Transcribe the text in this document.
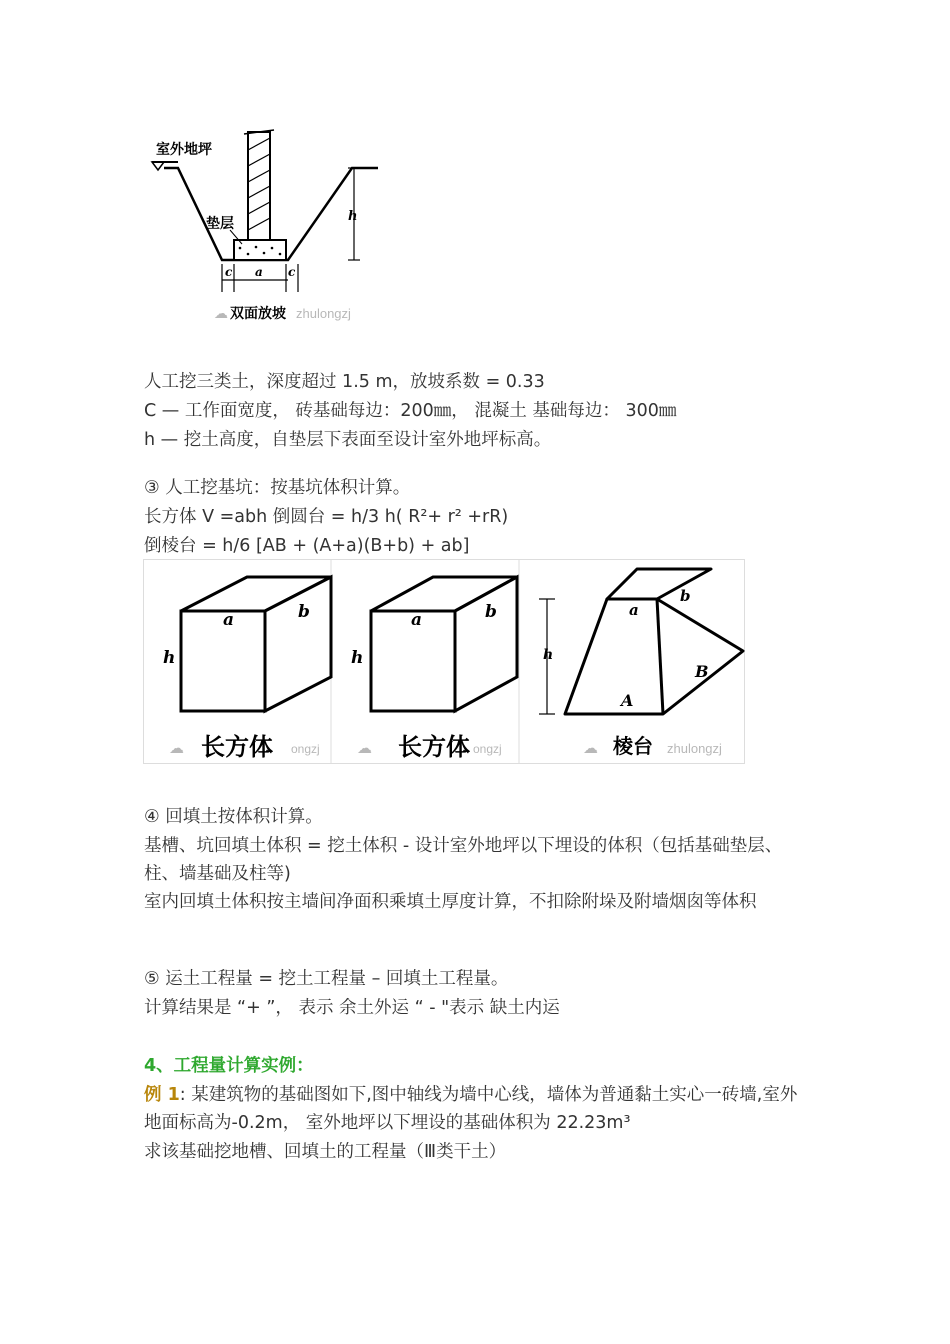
室外地坪
垫层	h
c a c
双面放坡 zhulongzj
☁
人工挖三类土，深度超过 1.5 m，放坡系数 = 0.33
C — 工作面宽度， 砖基础每边：200㎜， 混凝土 基础每边： 300㎜
h — 挖土高度，自垫层下表面至设计室外地坪标高。
③ 人工挖基坑：按基坑体积计算。
长方体 V =abh 倒圆台 = h/3 h( R²+ r² +rR)
倒棱台 = h/6 [AB + (A+a)(B+b) + ab]
a	b
h
长方体
a	b
h
长方体
h
a
b
A
B
棱台
☁	ongzj ☁	ongzj	☁	zhulongzj
④ 回填土按体积计算。
基槽、坑回填土体积 = 挖土体积 - 设计室外地坪以下埋设的体积（包括基础垫层、柱、墙基础及柱等)
室内回填土体积按主墙间净面积乘填土厚度计算，不扣除附垛及附墙烟囱等体积
⑤ 运土工程量 = 挖土工程量 – 回填土工程量。
计算结果是 “+ ”， 表示 余土外运 “ - "表示 缺土内运
4、工程量计算实例：
例 1: 某建筑物的基础图如下,图中轴线为墙中心线，墙体为普通黏土实心一砖墙,室外地面标高为-0.2m， 室外地坪以下埋设的基础体积为 22.23m³
求该基础挖地槽、回填土的工程量（Ⅲ类干土）
